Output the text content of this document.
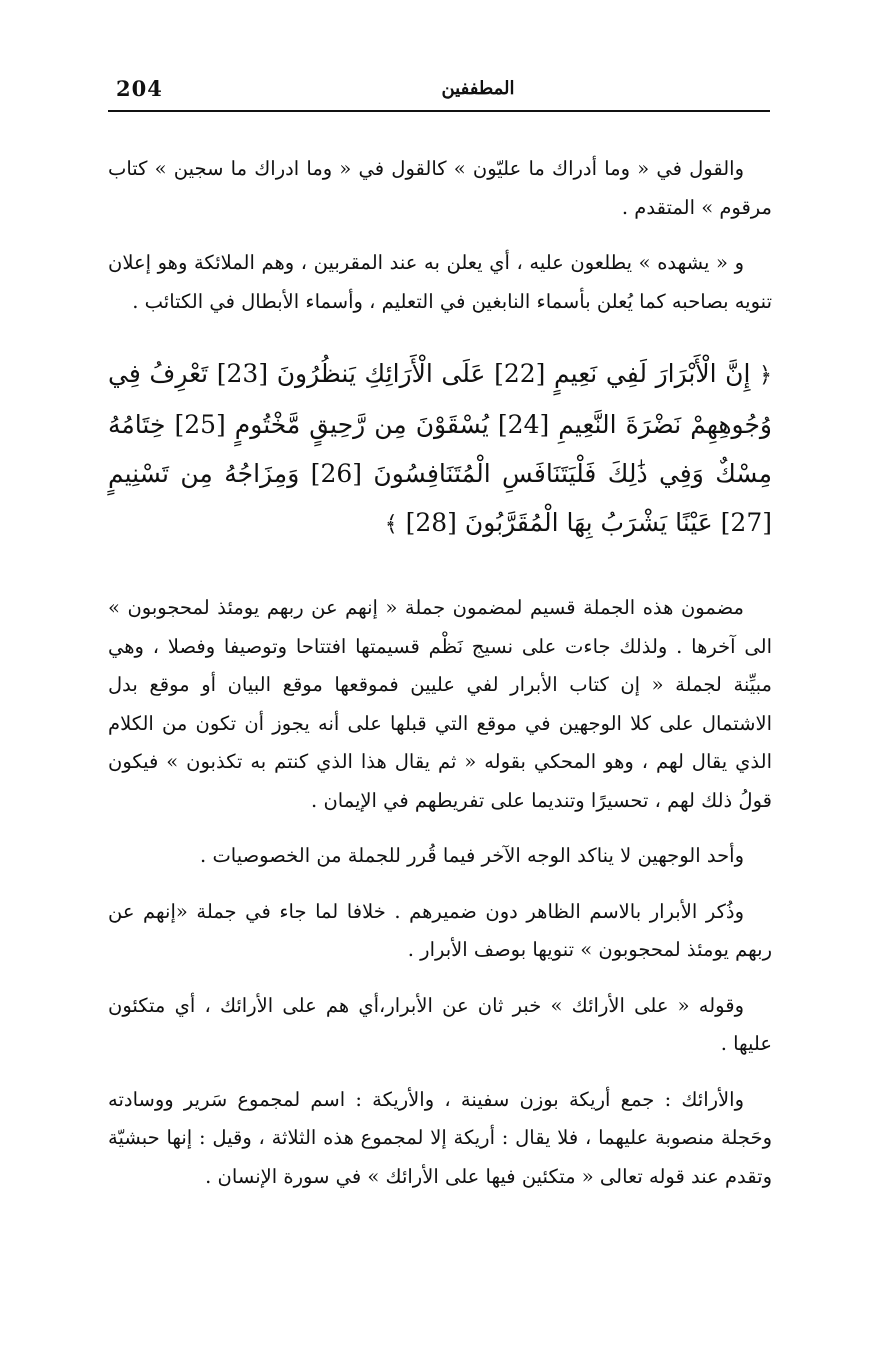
204	المطففين

والقول في « وما أدراك ما عليّون » كالقول في « وما ادراك ما سجين » كتاب مرقوم » المتقدم .

و « يشهده » يطلعون عليه ، أي يعلن به عند المقربين ، وهم الملائكة وهو إعلان تنويه بصاحبه كما يُعلن بأسماء النابغين في التعليم ، وأسماء الأبطال في الكتائب .

﴿ إِنَّ الْأَبْرَارَ لَفِي نَعِيمٍ [22] عَلَى الْأَرَائِكِ يَنظُرُونَ [23] تَعْرِفُ فِي وُجُوهِهِمْ نَضْرَةَ النَّعِيمِ [24] يُسْقَوْنَ مِن رَّحِيقٍ مَّخْتُومٍ [25] خِتَامُهُ مِسْكٌ وَفِي ذَٰلِكَ فَلْيَتَنَافَسِ الْمُتَنَافِسُونَ [26] وَمِزَاجُهُ مِن تَسْنِيمٍ [27] عَيْنًا يَشْرَبُ بِهَا الْمُقَرَّبُونَ [28] ﴾

مضمون هذه الجملة قسيم لمضمون جملة « إنهم عن ربهم يومئذ لمحجوبون » الى آخرها . ولذلك جاءت على نسيج نَظْم قسيمتها افتتاحا وتوصيفا وفصلا ، وهي مبيِّنة لجملة « إن كتاب الأبرار لفي عليين فموقعها موقع البيان أو موقع بدل الاشتمال على كلا الوجهين في موقع التي قبلها على أنه يجوز أن تكون من الكلام الذي يقال لهم ، وهو المحكي بقوله « ثم يقال هذا الذي كنتم به تكذبون » فيكون قولُ ذلك لهم ، تحسيرًا وتنديما على تفريطهم في الإيمان .

وأحد الوجهين لا يناكد الوجه الآخر فيما قُرر للجملة من الخصوصيات .

وذُكر الأبرار بالاسم الظاهر دون ضميرهم . خلافا لما جاء في جملة «إنهم عن ربهم يومئذ لمحجوبون » تنويها بوصف الأبرار .

وقوله « على الأرائك » خبر ثان عن الأبرار،أي هم على الأرائك ، أي متكئون عليها .

والأرائك : جمع أريكة بوزن سفينة ، والأريكة : اسم لمجموع سَرير ووسادته وحَجلة منصوبة عليهما ، فلا يقال : أريكة إلا لمجموع هذه الثلاثة ، وقيل : إنها حبشيّة وتقدم عند قوله تعالى « متكئين فيها على الأرائك » في سورة الإنسان .
